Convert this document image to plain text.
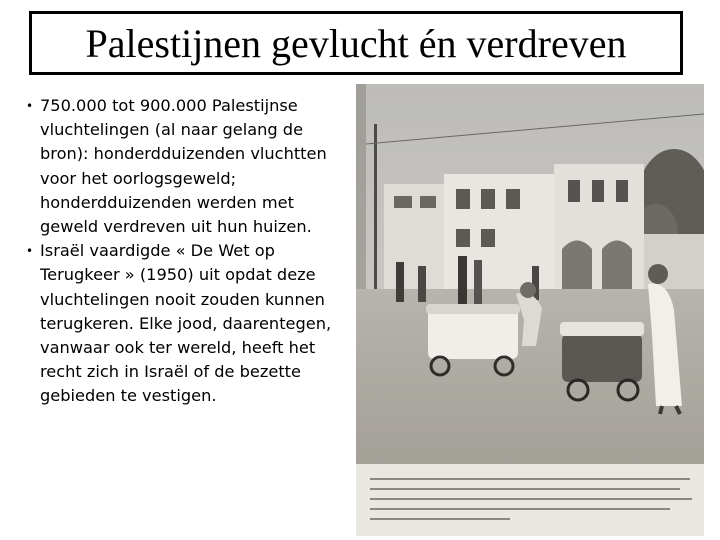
Palestijnen gevlucht én verdreven
• 750.000 tot 900.000 Palestijnse vluchtelingen (al naar gelang de bron): honderdduizenden vluchtten voor het oorlogsgeweld; honderdduizenden werden met geweld verdreven uit hun huizen.
• Israël vaardigde « De Wet op Terugkeer » (1950) uit opdat deze vluchtelingen nooit zouden kunnen terugkeren. Elke jood, daarentegen, vanwaar ook ter wereld, heeft het recht zich in Israël of de bezette gebieden te vestigen.
